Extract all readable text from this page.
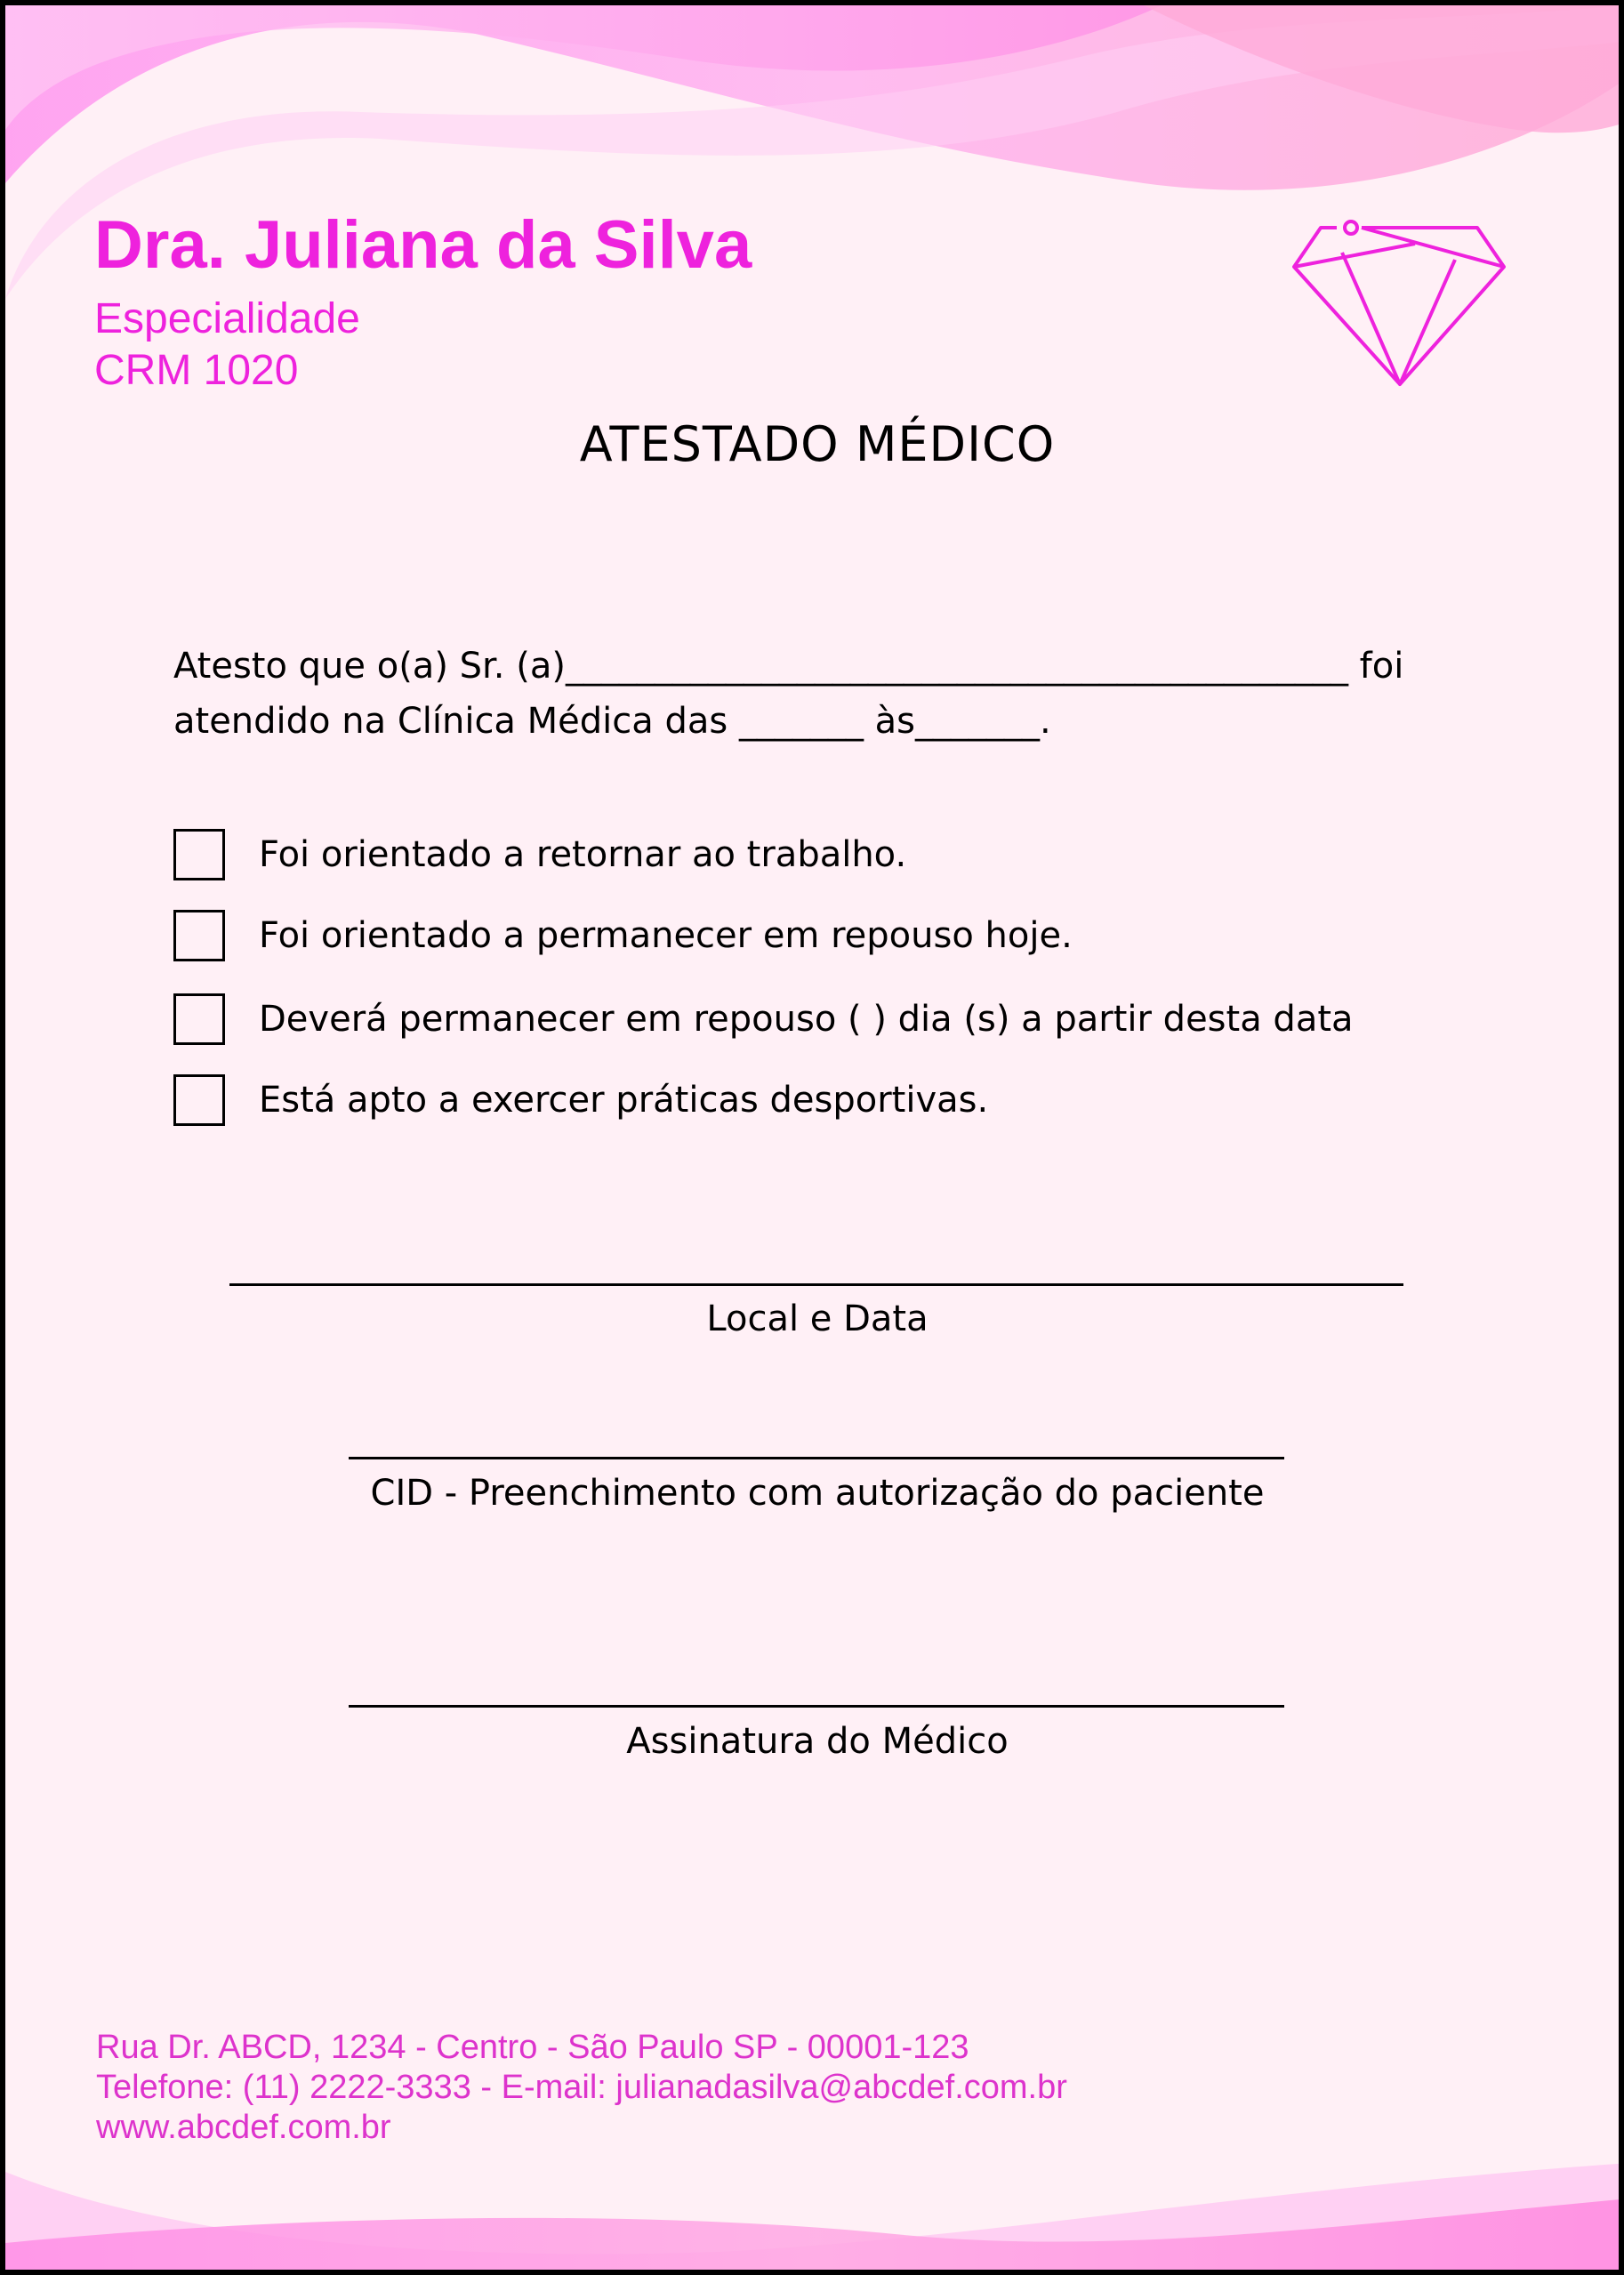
Dra. Juliana da Silva

Especialidade

CRM 1020

ATESTADO MÉDICO

Atesto que o(a) Sr. (a)____________________________________________ foi
atendido na Clínica Médica das _______ às_______.

Foi orientado a retornar ao trabalho.
Foi orientado a permanecer em repouso hoje.
Deverá permanecer em repouso ( ) dia (s) a partir desta data
Está apto a exercer práticas desportivas.
Local e Data
CID - Preenchimento com autorização do paciente
Assinatura do Médico
Rua Dr. ABCD, 1234 - Centro - São Paulo SP - 00001-123
Telefone: (11) 2222-3333 - E-mail: julianadasilva@abcdef.com.br
www.abcdef.com.br
